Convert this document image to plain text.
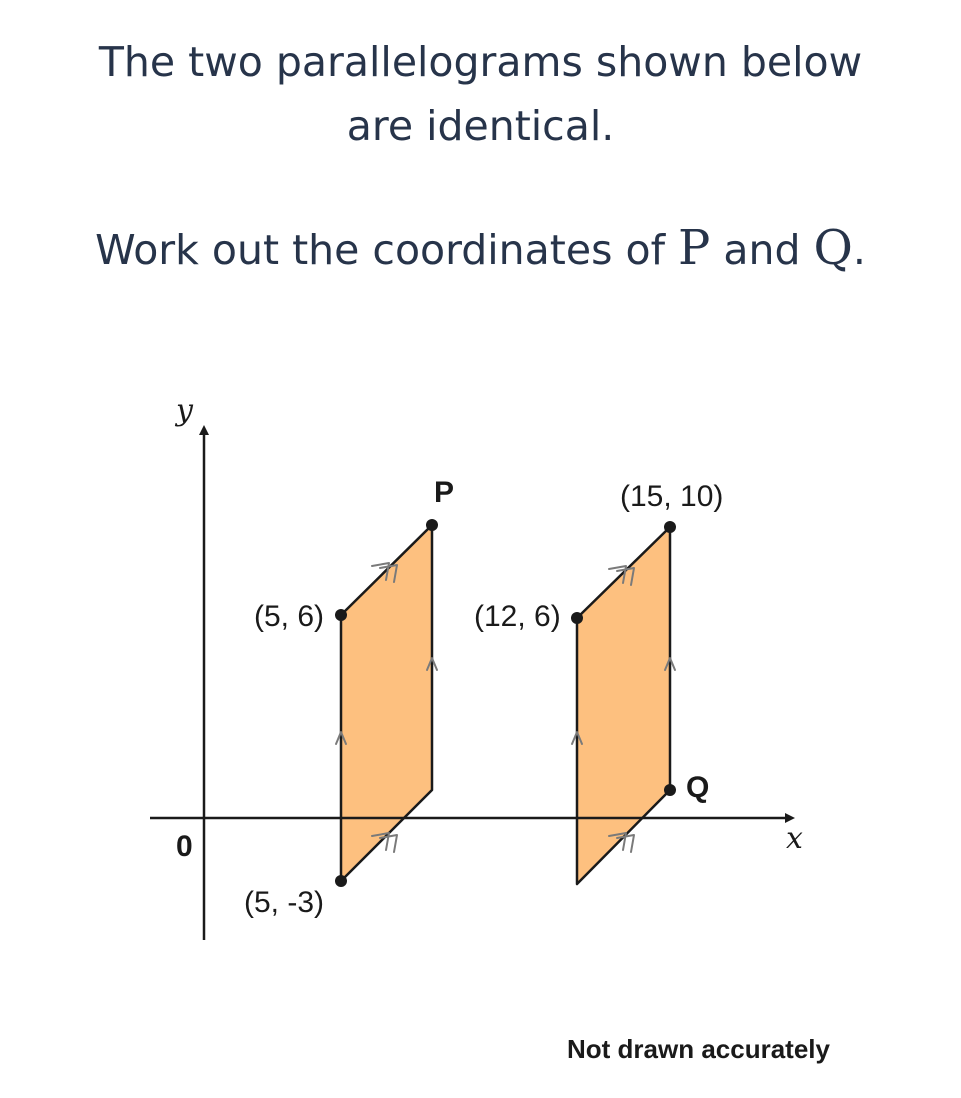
The two parallelograms shown below

are identical.

Work out the coordinates of P and Q.

y
x
0
(5, 6)
(5, -3)
P
(12, 6)
(15, 10)
Q
Not drawn accurately
